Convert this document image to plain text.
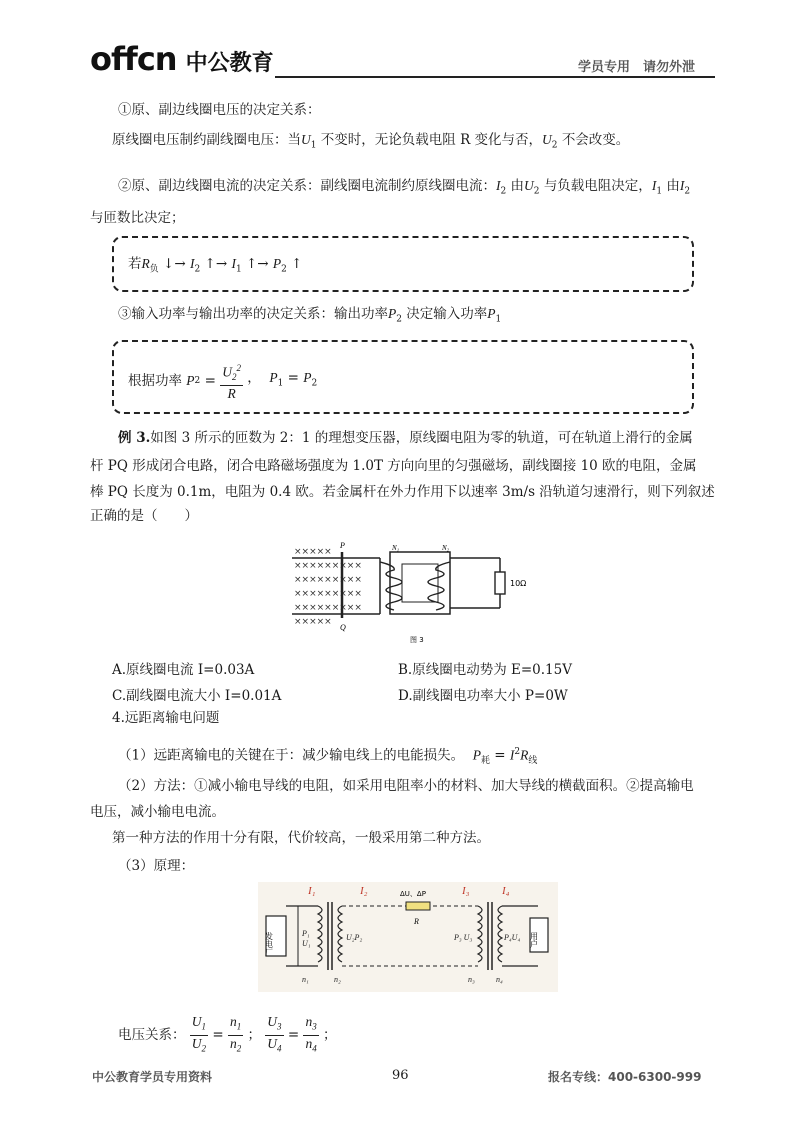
offcn 中公教育	学员专用　请勿外泄
①原、副边线圈电压的决定关系：
原线圈电压制约副线圈电压：当$U_1$ 不变时，无论负载电阻 R 变化与否，$U_2$ 不会改变。
②原、副边线圈电流的决定关系：副线圈电流制约原线圈电流：$I_2$ 由$U_2$ 与负载电阻决定，$I_1$ 由$I_2$
与匝数比决定；
若$R_负$ ↓→ $I_2$ ↑→ $I_1$ ↑→ $P_2$ ↑
③输入功率与输出功率的决定关系：输出功率$P_2$ 决定输入功率$P_1$
根据功率 $P2 = \frac{U_2^2}{R}$ ，  $P_1 = P_2$
例 3.如图 3 所示的匝数为 2：1 的理想变压器，原线圈电阻为零的轨道，可在轨道上滑行的金属
杆 PQ 形成闭合电路，闭合电路磁场强度为 1.0T 方向向里的匀强磁场，副线圈接 10 欧的电阻，金属
棒 PQ 长度为 0.1m，电阻为 0.4 欧。若金属杆在外力作用下以速率 3m/s 沿轨道匀速滑行，则下列叙述
正确的是（　　）
×××××
×××××××××
×××××××××
×××××××××
×××××××××
×××××
P
Q
N₁	N₂
10Ω
图 3
A.原线圈电流 I=0.03A	B.原线圈电动势为 E=0.15V
C.副线圈电流大小 I=0.01A	D.副线圈电功率大小 P=0W
4.远距离输电问题
（1）远距离输电的关键在于：减少输电线上的电能损失。 $P_耗 = I^2R_线$
（2）方法：①减小输电导线的电阻，如采用电阻率小的材料、加大导线的横截面积。②提高输电
电压，减小输电电流。
第一种方法的作用十分有限，代价较高，一般采用第二种方法。
（3）原理：
发电厂
ΔU、ΔP
R
用户
I₁	I₂	I₃	I₄
n₁	n₂	n₃	n₄
P₁
U₁
U₂P₂	P₃ U₃	P₄U₄
电压关系： $\frac{U_1}{U_2} = \frac{n_1}{n_2}$ ； $\frac{U_3}{U_4} = \frac{n_3}{n_4}$ ；
中公教育学员专用资料	96	报名专线：400-6300-999
